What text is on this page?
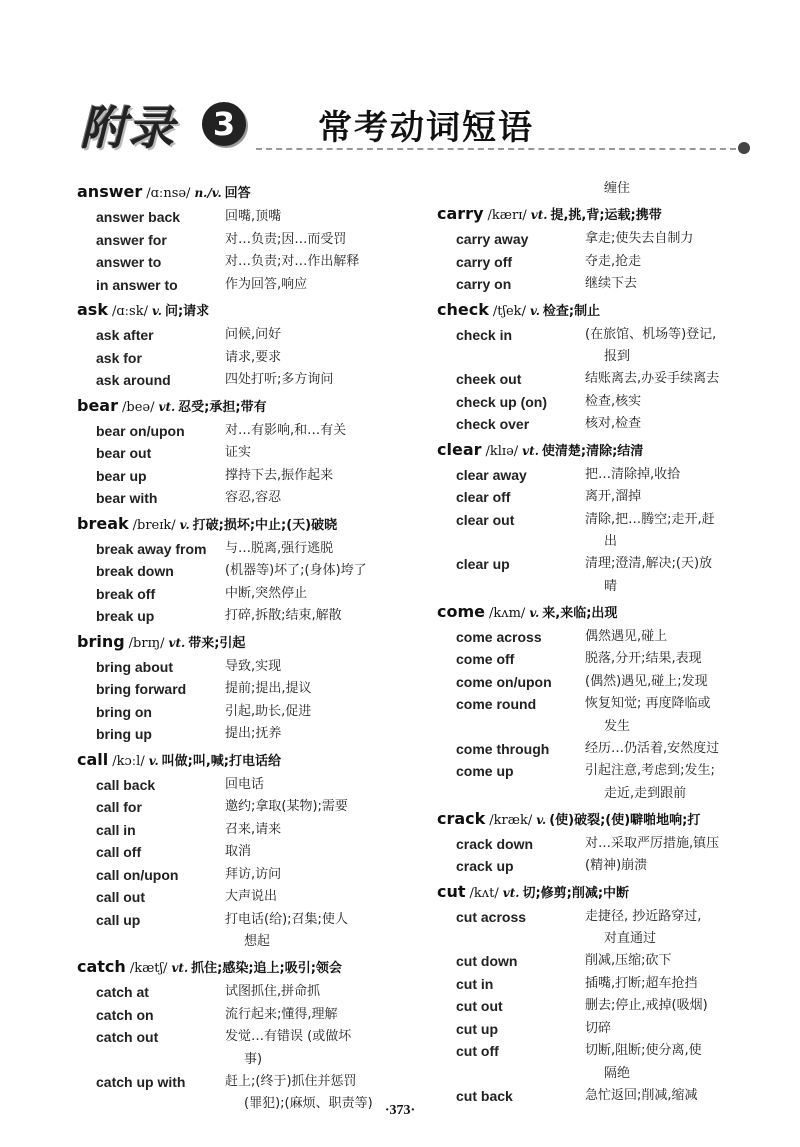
附录	3	常考动词短语
answer /ɑːnsə/ n./v. 回答
answer back	回嘴,顶嘴
answer for	对…负责;因…而受罚
answer to	对…负责;对…作出解释
in answer to	作为回答,响应
ask /ɑːsk/ v. 问;请求
ask after	问候,问好
ask for	请求,要求
ask around	四处打听;多方询问
bear /beə/ vt. 忍受;承担;带有
bear on/upon	对…有影响,和…有关
bear out	证实
bear up	撑持下去,振作起来
bear with	容忍,容忍
break /breɪk/ v. 打破;损坏;中止;(天)破晓
break away from	与…脱离,强行逃脱
break down	(机器等)坏了;(身体)垮了
break off	中断,突然停止
break up	打碎,拆散;结束,解散
bring /brɪŋ/ vt. 带来;引起
bring about	导致,实现
bring forward	提前;提出,提议
bring on	引起,助长,促进
bring up	提出;抚养
call /kɔːl/ v. 叫做;叫,喊;打电话给
call back	回电话
call for	邀约;拿取(某物);需要
call in	召来,请来
call off	取消
call on/upon	拜访,访问
call out	大声说出
call up	打电话(给);召集;使人
想起
catch /kætʃ/ vt. 抓住;感染;追上;吸引;领会
catch at	试图抓住,拼命抓
catch on	流行起来;懂得,理解
catch out	发觉…有错误 (或做坏
事)
catch up with	赶上;(终于)抓住并惩罚
(罪犯);(麻烦、职责等)
缠住
carry /kærɪ/ vt. 提,挑,背;运载;携带
carry away	拿走;使失去自制力
carry off	夺走,抢走
carry on	继续下去
check /tʃek/ v. 检查;制止
check in	(在旅馆、机场等)登记,
报到
cheek out	结账离去,办妥手续离去
check up (on)	检查,核实
check over	核对,检查
clear /klɪə/ vt. 使清楚;清除;结清
clear away	把…清除掉,收拾
clear off	离开,溜掉
clear out	清除,把…腾空;走开,赶
出
clear up	清理;澄清,解决;(天)放
晴
come /kʌm/ v. 来,来临;出现
come across	偶然遇见,碰上
come off	脱落,分开;结果,表现
come on/upon	(偶然)遇见,碰上;发现
come round	恢复知觉; 再度降临或
发生
come through	经历…仍活着,安然度过
come up	引起注意,考虑到;发生;
走近,走到跟前
crack /kræk/ v. (使)破裂;(使)噼啪地响;打
crack down	对…采取严厉措施,镇压
crack up	(精神)崩溃
cut /kʌt/ vt. 切;修剪;削减;中断
cut across	走捷径, 抄近路穿过,
对直通过
cut down	削减,压缩;砍下
cut in	插嘴,打断;超车抢挡
cut out	删去;停止,戒掉(吸烟)
cut up	切碎
cut off	切断,阻断;使分离,使
隔绝
cut back	急忙返回;削减,缩减
·373·
